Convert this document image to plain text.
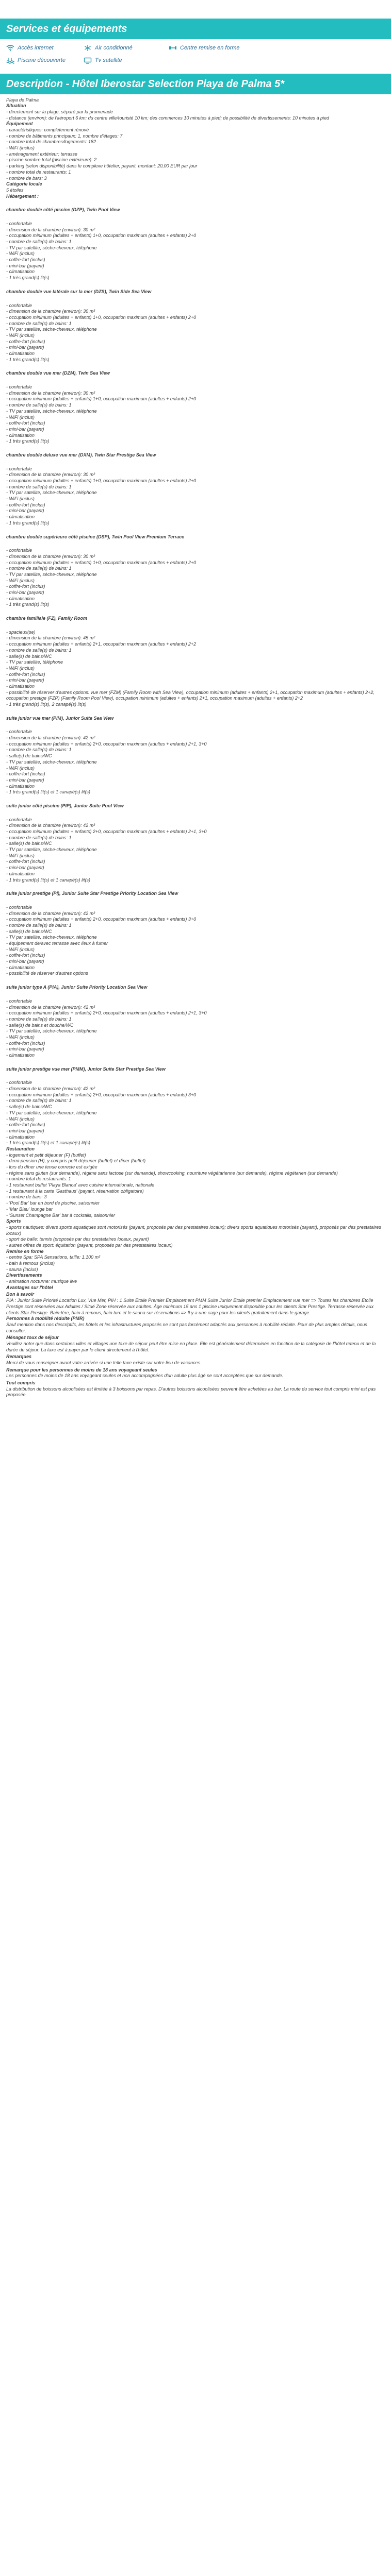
Services et équipements
Accès internet	Air conditionné	Centre remise en forme
Piscine découverte	Tv satellite
Description - Hôtel Iberostar Selection Playa de Palma 5*

Playa de Palma

Situation

- directement sur la plage, séparé par la promenade

- distance (environ): de l'aéroport 6 km; du centre ville/touristé 10 km; des commerces 10 minutes à pied; de possibilité de divertissements: 10 minutes à pied

Équipement

- caractéristiques: complètement rénové

- nombre de bâtiments principaux: 1, nombre d'étages: 7

- nombre total de chambres/logements: 182

- WiFi (inclus)

- aménagement extérieur: terrasse

- piscine nombre total (piscine extérieure): 2

- parking (selon disponibilité) dans le complexe hôtelier, payant, montant: 20,00 EUR par jour

- nombre total de restaurants: 1

- nombre de bars: 3

Catégorie locale

5 étoiles

Hébergement :

chambre double côté piscine (DZP), Twin Pool View

- confortable

- dimension de la chambre (environ): 30 m²

- occupation minimum (adultes + enfants) 1+0, occupation maximum (adultes + enfants) 2+0

- nombre de salle(s) de bains: 1

- TV par satellite, sèche-cheveux, téléphone

- WiFi (inclus)

- coffre-fort (inclus)

- mini-bar (payant)

- climatisation

- 1 très grand(s) lit(s)

chambre double vue latérale sur la mer (DZS), Twin Side Sea View

- confortable

- dimension de la chambre (environ): 30 m²

- occupation minimum (adultes + enfants) 1+0, occupation maximum (adultes + enfants) 2+0

- nombre de salle(s) de bains: 1

- TV par satellite, sèche-cheveux, téléphone

- WiFi (inclus)

- coffre-fort (inclus)

- mini-bar (payant)

- climatisation

- 1 très grand(s) lit(s)

chambre double vue mer (DZM), Twin Sea View

- confortable

- dimension de la chambre (environ): 30 m²

- occupation minimum (adultes + enfants) 1+0, occupation maximum (adultes + enfants) 2+0

- nombre de salle(s) de bains: 1

- TV par satellite, sèche-cheveux, téléphone

- WiFi (inclus)

- coffre-fort (inclus)

- mini-bar (payant)

- climatisation

- 1 très grand(s) lit(s)

chambre double deluxe vue mer (DXM), Twin Star Prestige Sea View

- confortable

- dimension de la chambre (environ): 30 m²

- occupation minimum (adultes + enfants) 1+0, occupation maximum (adultes + enfants) 2+0

- nombre de salle(s) de bains: 1

- TV par satellite, sèche-cheveux, téléphone

- WiFi (inclus)

- coffre-fort (inclus)

- mini-bar (payant)

- climatisation

- 1 très grand(s) lit(s)

chambre double supérieure côté piscine (DSP), Twin Pool View Premium Terrace

- confortable

- dimension de la chambre (environ): 30 m²

- occupation minimum (adultes + enfants) 1+0, occupation maximum (adultes + enfants) 2+0

- nombre de salle(s) de bains: 1

- TV par satellite, sèche-cheveux, téléphone

- WiFi (inclus)

- coffre-fort (inclus)

- mini-bar (payant)

- climatisation

- 1 très grand(s) lit(s)

chambre familiale (FZ), Family Room

- spacieux(se)

- dimension de la chambre (environ): 45 m²

- occupation minimum (adultes + enfants) 2+1, occupation maximum (adultes + enfants) 2+2

- nombre de salle(s) de bains: 1

- salle(s) de bains/WC

- TV par satellite, téléphone

- WiFi (inclus)

- coffre-fort (inclus)

- mini-bar (payant)

- climatisation

- possibilité de réserver d'autres options: vue mer (FZM) (Family Room with Sea View), occupation minimum (adultes + enfants) 2+1, occupation maximum (adultes + enfants) 2+2, occupation prestige (FZP) (Family Room Pool View), occupation minimum (adultes + enfants) 2+1, occupation maximum (adultes + enfants) 2+2

- 1 très grand(s) lit(s), 2 canapé(s) lit(s)

suite junior vue mer (PIM), Junior Suite Sea View

- confortable

- dimension de la chambre (environ): 42 m²

- occupation minimum (adultes + enfants) 2+0, occupation maximum (adultes + enfants) 2+1, 3+0

- nombre de salle(s) de bains: 1

- salle(s) de bains/WC

- TV par satellite, sèche-cheveux, téléphone

- WiFi (inclus)

- coffre-fort (inclus)

- mini-bar (payant)

- climatisation

- 1 très grand(s) lit(s) et 1 canapé(s) lit(s)

suite junior côté piscine (PIP), Junior Suite Pool View

- confortable

- dimension de la chambre (environ): 42 m²

- occupation minimum (adultes + enfants) 2+0, occupation maximum (adultes + enfants) 2+1, 3+0

- nombre de salle(s) de bains: 1

- salle(s) de bains/WC

- TV par satellite, sèche-cheveux, téléphone

- WiFi (inclus)

- coffre-fort (inclus)

- mini-bar (payant)

- climatisation

- 1 très grand(s) lit(s) et 1 canapé(s) lit(s)

suite junior prestige (PI), Junior Suite Star Prestige Priority Location Sea View

- confortable

- dimension de la chambre (environ): 42 m²

- occupation minimum (adultes + enfants) 2+0, occupation maximum (adultes + enfants) 3+0

- nombre de salle(s) de bains: 1

- salle(s) de bains/WC

- TV par satellite, sèche-cheveux, téléphone

- équipement de/avec terrasse avec lieux à fumer

- WiFi (inclus)

- coffre-fort (inclus)

- mini-bar (payant)

- climatisation

- possibilité de réserver d'autres options

suite junior type A (PIA), Junior Suite Priority Location Sea View

- confortable

- dimension de la chambre (environ): 42 m²

- occupation minimum (adultes + enfants) 2+0, occupation maximum (adultes + enfants) 2+1, 3+0

- nombre de salle(s) de bains: 1

- salle(s) de bains et douche/WC

- TV par satellite, sèche-cheveux, téléphone

- WiFi (inclus)

- coffre-fort (inclus)

- mini-bar (payant)

- climatisation

suite junior prestige vue mer (PMM), Junior Suite Star Prestige Sea View

- confortable

- dimension de la chambre (environ): 42 m²

- occupation minimum (adultes + enfants) 2+0, occupation maximum (adultes + enfants) 3+0

- nombre de salle(s) de bains: 1

- salle(s) de bains/WC

- TV par satellite, sèche-cheveux, téléphone

- WiFi (inclus)

- coffre-fort (inclus)

- mini-bar (payant)

- climatisation

- 1 très grand(s) lit(s) et 1 canapé(s) lit(s)

Restauration

- logement et petit déjeuner (F) (buffet)

- demi-pension (H), y compris petit déjeuner (buffet) et dîner (buffet)

- lors du dîner une tenue correcte est exigée

- régime sans gluten (sur demande), régime sans lactose (sur demande), showcooking, nourriture végétarienne (sur demande), régime végétarien (sur demande)

- nombre total de restaurants: 1

- 1 restaurant buffet 'Playa Blanca' avec cuisine internationale, nationale

- 1 restaurant à la carte 'Gasthaus' (payant, réservation obligatoire)

- nombre de bars: 3

- 'Pool Bar' bar en bord de piscine, saisonnier

- 'Mar Blau' lounge bar

- 'Sunset Champagne Bar' bar à cocktails, saisonnier

Sports

- sports nautiques: divers sports aquatiques sont motorisés (payant, proposés par des prestataires locaux); divers sports aquatiques motorisés (payant), proposés par des prestataires locaux)

- sport de balle: tennis (proposés par des prestataires locaux, payant)

- autres offres de sport: équitation (payant, proposés par des prestataires locaux)

Remise en forme

- centre Spa: SPA Sensations, taille: 1.100 m²

- bain à remous (inclus)

- sauna (inclus)

Divertissements

- animation nocturne: musique live

Avantages sur l'hôtel

Bon à savoir

PIA : Junior Suite Priorité Location Lux, Vue Mer, PIH : 1 Suite Étoile Premier Emplacement PMM Suite Junior Étoile premier Emplacement vue mer => Toutes les chambres Étoile Prestige sont réservées aux Adultes / Situé Zone réservée aux adultes. Âge minimum 15 ans 1 piscine uniquement disponible pour les clients Star Prestige. Terrasse réservée aux clients Star Prestige. Bain-tère, bain à remous, bain turc et le sauna sur réservations => Il y a une cage pour les clients gratuitement dans le garage.

Personnes à mobilité réduite (PMR)

Sauf mention dans nos descriptifs, les hôtels et les infrastructures proposés ne sont pas forcément adaptés aux personnes à mobilité réduite. Pour de plus amples détails, nous consulter.

Ménagez toux de séjour

Veuillez noter que dans certaines villes et villages une taxe de séjour peut être mise en place. Elle est généralement déterminée en fonction de la catégorie de l'hôtel retenu et de la durée du séjour. La taxe est à payer par le client directement à l'hôtel.

Remarques

Merci de vous renseigner avant votre arrivée si une telle taxe existe sur votre lieu de vacances.

Remarque pour les personnes de moins de 18 ans voyageant seules

Les personnes de moins de 18 ans voyageant seules et non accompagnées d'un adulte plus âgé ne sont acceptées que sur demande.

Tout compris

La distribution de boissons alcoolisées est limitée à 3 boissons par repas. D'autres boissons alcoolisées peuvent être achetées au bar. La route du service tout compris mini est pas proposée.
